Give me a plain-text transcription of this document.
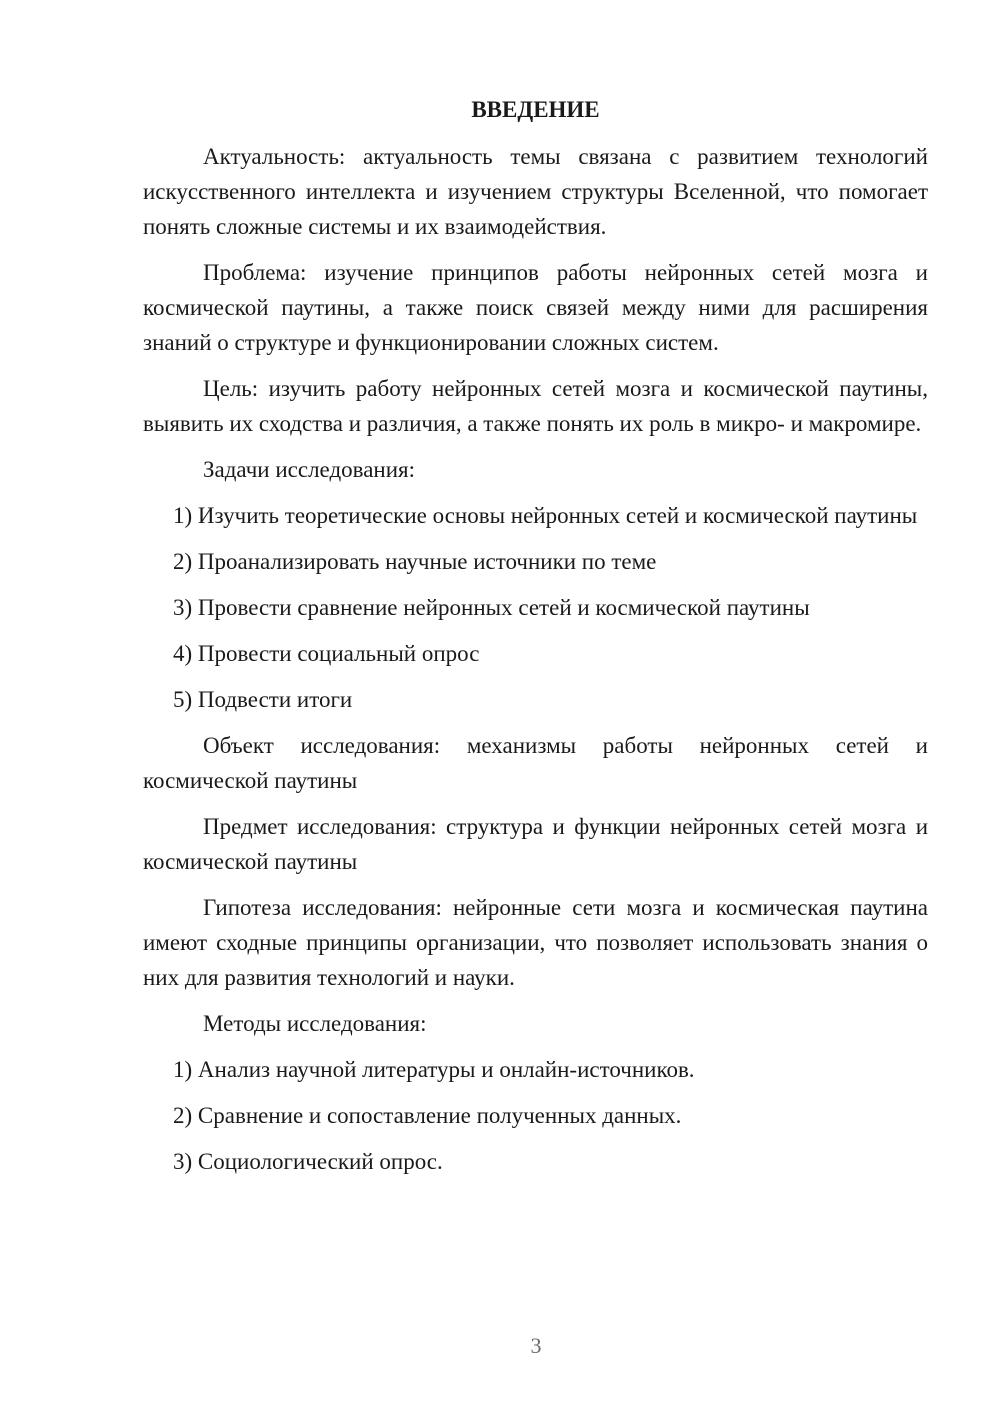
ВВЕДЕНИЕ

Актуальность: актуальность темы связана с развитием технологий искусственного интеллекта и изучением структуры Вселенной, что помогает понять сложные системы и их взаимодействия.

Проблема: изучение принципов работы нейронных сетей мозга и космической паутины, а также поиск связей между ними для расширения знаний о структуре и функционировании сложных систем.

Цель: изучить работу нейронных сетей мозга и космической паутины, выявить их сходства и различия, а также понять их роль в микро- и макромире.

Задачи исследования:

1) Изучить теоретические основы нейронных сетей и космической паутины

2) Проанализировать научные источники по теме

3) Провести сравнение нейронных сетей и космической паутины

4) Провести социальный опрос

5) Подвести итоги

Объект исследования: механизмы работы нейронных сетей и космической паутины

Предмет исследования: структура и функции нейронных сетей мозга и космической паутины

Гипотеза исследования: нейронные сети мозга и космическая паутина имеют сходные принципы организации, что позволяет использовать знания о них для развития технологий и науки.

Методы исследования:

1) Анализ научной литературы и онлайн-источников.

2) Сравнение и сопоставление полученных данных.

3) Социологический опрос.

3
